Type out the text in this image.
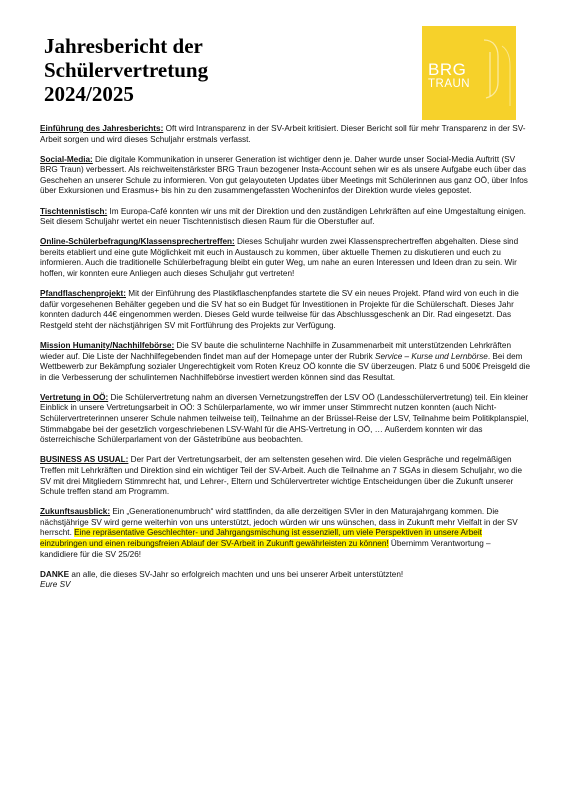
Jahresbericht der
Schülervertretung
2024/2025
BRG
TRAUN

Einführung des Jahresberichts: Oft wird Intransparenz in der SV-Arbeit kritisiert. Dieser Bericht soll für mehr Transparenz in der SV-Arbeit sorgen und wird dieses Schuljahr erstmals verfasst.

Social-Media: Die digitale Kommunikation in unserer Generation ist wichtiger denn je. Daher wurde unser Social-Media Auftritt (SV BRG Traun) verbessert. Als reichweitenstärkster BRG Traun bezogener Insta-Account sehen wir es als unsere Aufgabe euch über das Geschehen an unserer Schule zu informieren. Von gut gelayouteten Updates über Meetings mit Schülerinnen aus ganz OÖ, über Infos über Exkursionen und Erasmus+ bis hin zu den zusammengefassten Wocheninfos der Direktion wurde vieles gepostet.

Tischtennistisch: Im Europa-Café konnten wir uns mit der Direktion und den zuständigen Lehrkräften auf eine Umgestaltung einigen. Seit diesem Schuljahr wertet ein neuer Tischtennistisch diesen Raum für die Oberstufler auf.

Online-Schülerbefragung/Klassensprechertreffen: Dieses Schuljahr wurden zwei Klassensprechertreffen abgehalten. Diese sind bereits etabliert und eine gute Möglichkeit mit euch in Austausch zu kommen, über aktuelle Themen zu diskutieren und euch zu informieren. Auch die traditionelle Schülerbefragung bleibt ein guter Weg, um nahe an euren Interessen und Ideen dran zu sein. Wir hoffen, wir konnten eure Anliegen auch dieses Schuljahr gut vertreten!

Pfandflaschenprojekt: Mit der Einführung des Plastikflaschenpfandes startete die SV ein neues Projekt. Pfand wird von euch in die dafür vorgesehenen Behälter gegeben und die SV hat so ein Budget für Investitionen in Projekte für die Schülerschaft. Dieses Jahr konnten dadurch 44€ eingenommen werden. Dieses Geld wurde teilweise für das Abschlussgeschenk an Dir. Rad eingesetzt. Das Restgeld steht der nächstjährigen SV mit Fortführung des Projekts zur Verfügung.

Mission Humanity/Nachhilfebörse: Die SV baute die schulinterne Nachhilfe in Zusammenarbeit mit unterstützenden Lehrkräften wieder auf. Die Liste der Nachhilfegebenden findet man auf der Homepage unter der Rubrik Service – Kurse und Lernbörse. Bei dem Wettbewerb zur Bekämpfung sozialer Ungerechtigkeit vom Roten Kreuz OÖ konnte die SV überzeugen. Platz 6 und 500€ Preisgeld die in die Verbesserung der schulinternen Nachhilfebörse investiert werden können sind das Resultat.

Vertretung in OÖ: Die Schülervertretung nahm an diversen Vernetzungstreffen der LSV OÖ (Landesschülervertretung) teil. Ein kleiner Einblick in unsere Vertretungsarbeit in OÖ: 3 Schülerparlamente, wo wir immer unser Stimmrecht nutzen konnten (auch Nicht-Schülervertreterinnen unserer Schule nahmen teilweise teil), Teilnahme an der Brüssel-Reise der LSV, Teilnahme beim Politikplanspiel, Stimmabgabe bei der gesetzlich vorgeschriebenen LSV-Wahl für die AHS-Vertretung in OÖ, … Außerdem konnten wir das österreichische Schülerparlament von der Gästetribüne aus beobachten.

BUSINESS AS USUAL: Der Part der Vertretungsarbeit, der am seltensten gesehen wird. Die vielen Gespräche und regelmäßigen Treffen mit Lehrkräften und Direktion sind ein wichtiger Teil der SV-Arbeit. Auch die Teilnahme an 7 SGAs in diesem Schuljahr, wo die SV mit drei Mitgliedern Stimmrecht hat, und Lehrer-, Eltern und Schülervertreter wichtige Entscheidungen über die Zukunft unserer Schule treffen stand am Programm.

Zukunftsausblick: Ein „Generationenumbruch“ wird stattfinden, da alle derzeitigen SVler in den Maturajahrgang kommen. Die nächstjährige SV wird gerne weiterhin von uns unterstützt, jedoch würden wir uns wünschen, dass in Zukunft mehr Vielfalt in der SV herrscht. Eine repräsentative Geschlechter- und Jahrgangsmischung ist essenziell, um viele Perspektiven in unsere Arbeit einzubringen und einen reibungsfreien Ablauf der SV-Arbeit in Zukunft gewährleisten zu können! Übernimm Verantwortung – kandidiere für die SV 25/26!

DANKE an alle, die dieses SV-Jahr so erfolgreich machten und uns bei unserer Arbeit unterstützten!
Eure SV
